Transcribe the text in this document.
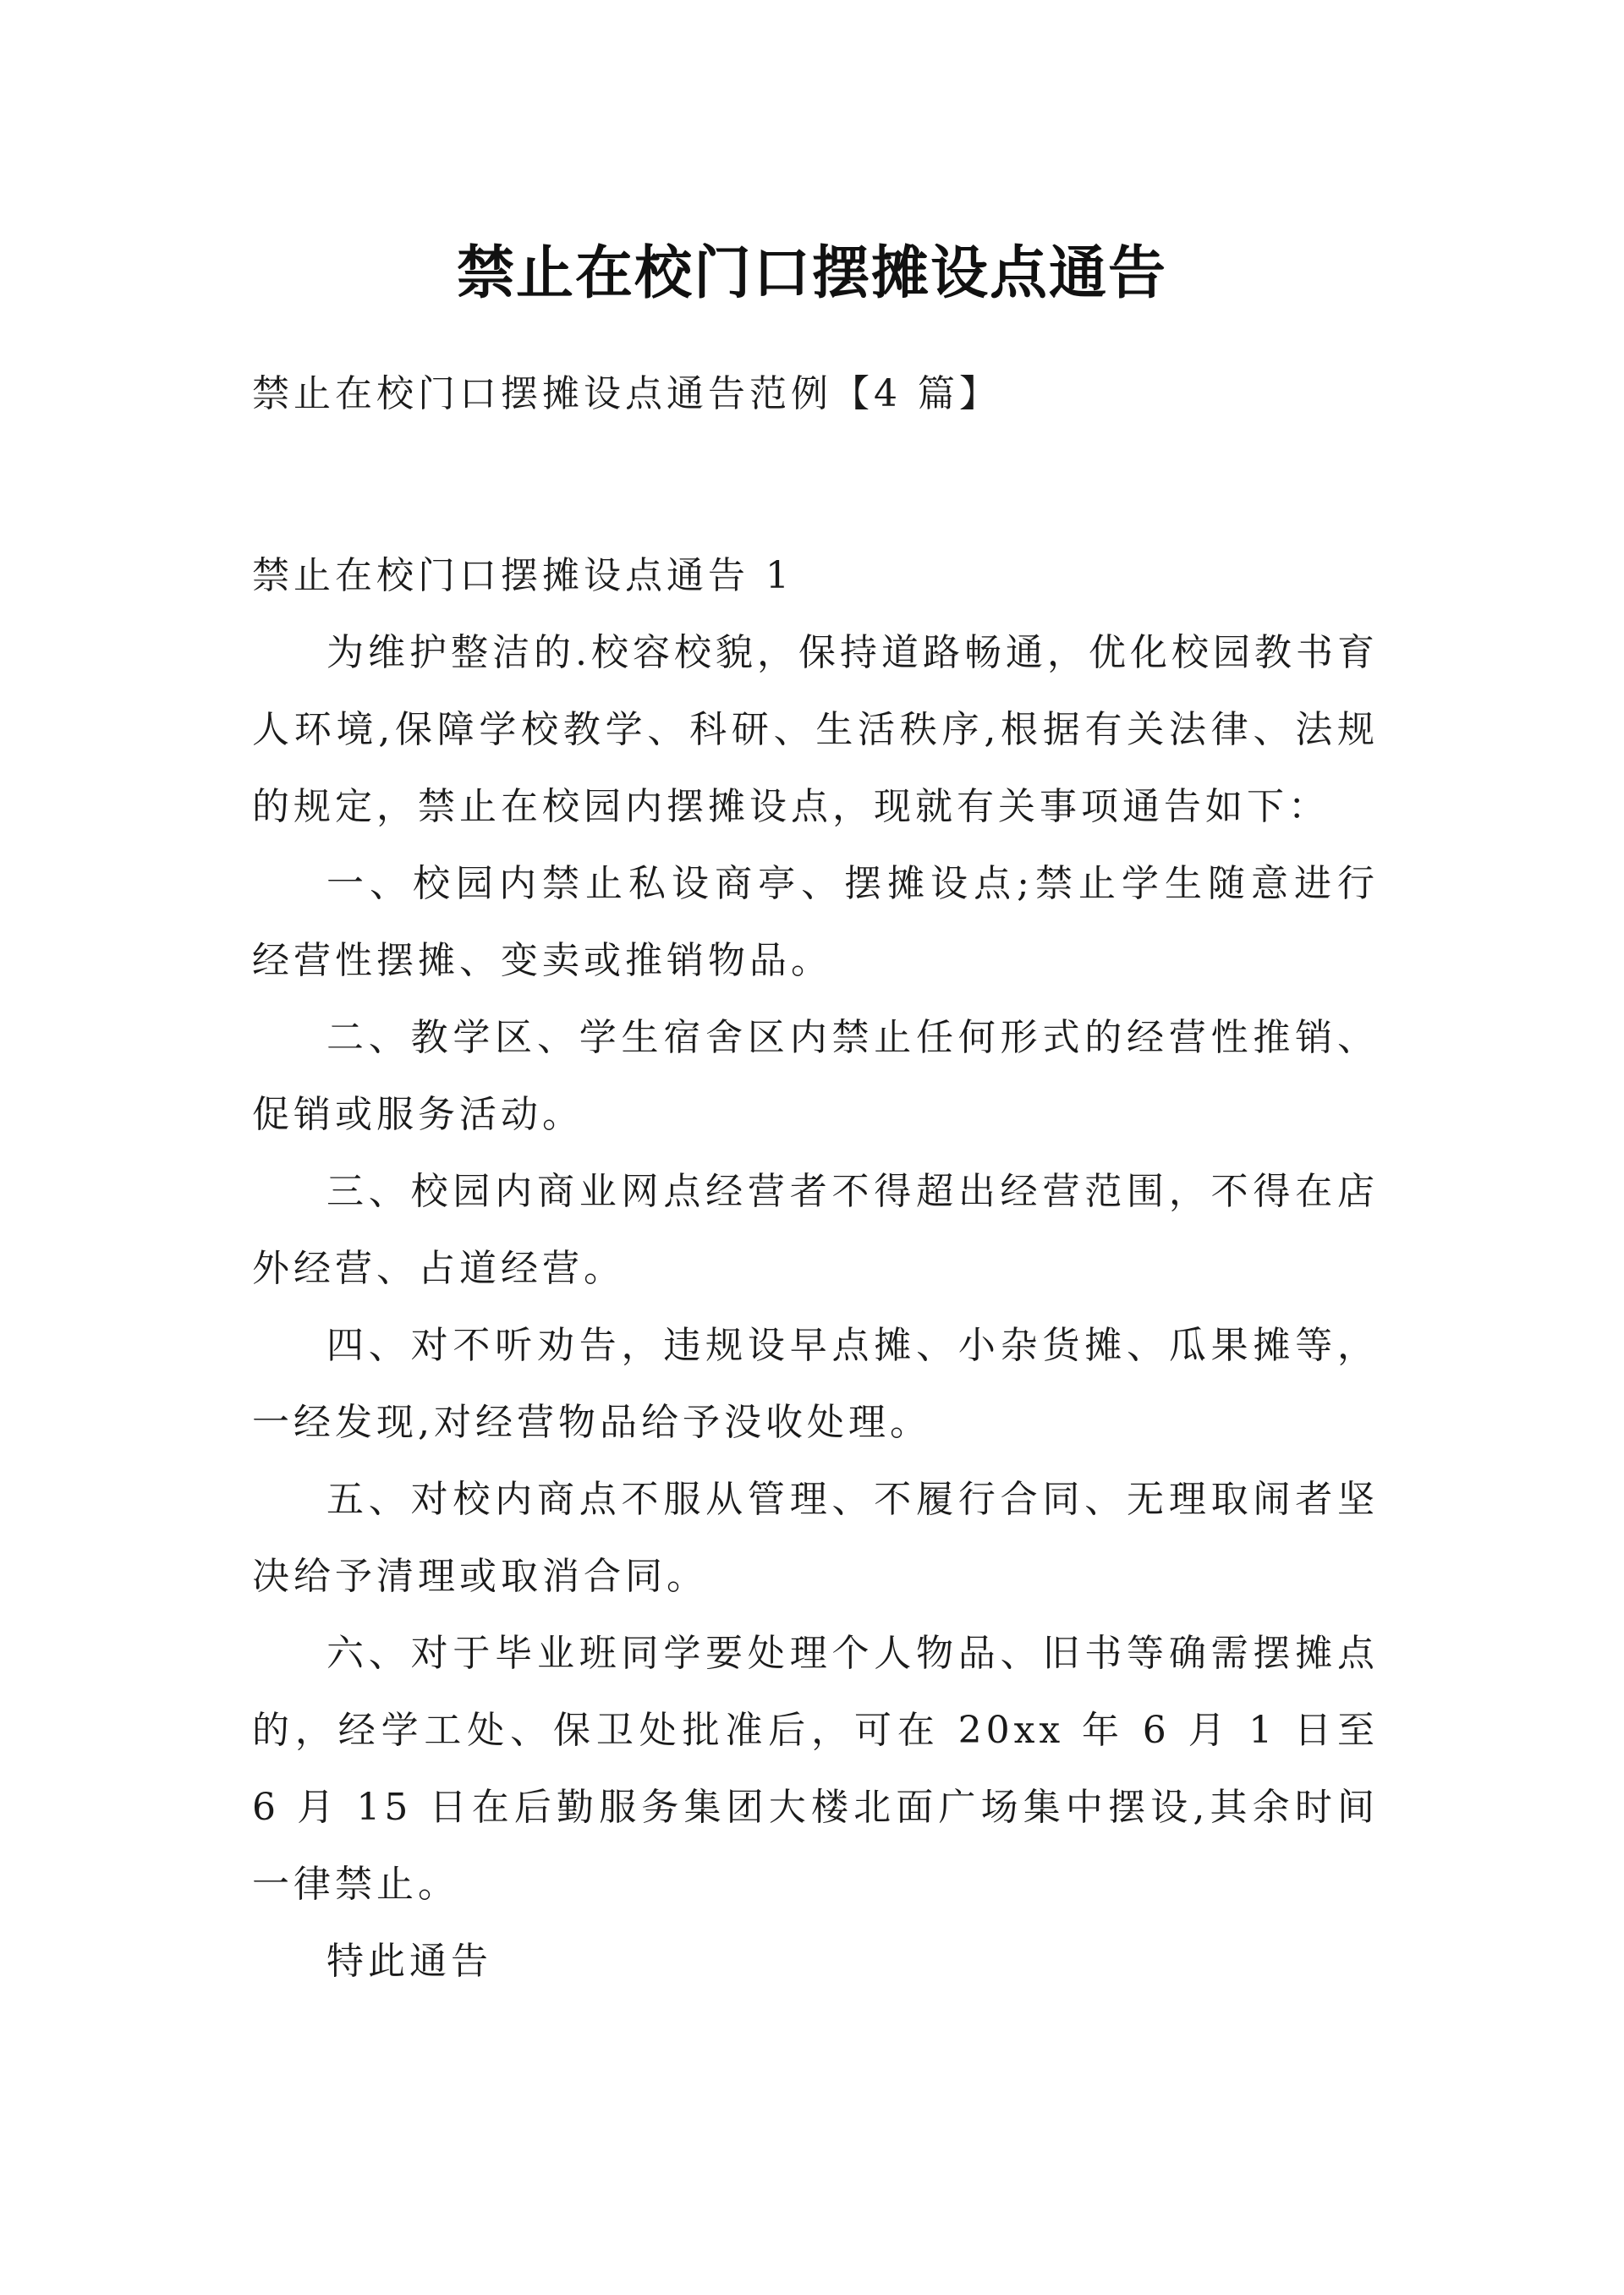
禁止在校门口摆摊设点通告

禁止在校门口摆摊设点通告范例【4 篇】

禁止在校门口摆摊设点通告 1

为维护整洁的.校容校貌，保持道路畅通，优化校园教书育人环境,保障学校教学、科研、生活秩序,根据有关法律、法规的规定，禁止在校园内摆摊设点，现就有关事项通告如下：

一、校园内禁止私设商亭、摆摊设点;禁止学生随意进行经营性摆摊、变卖或推销物品。

二、教学区、学生宿舍区内禁止任何形式的经营性推销、促销或服务活动。

三、校园内商业网点经营者不得超出经营范围，不得在店外经营、占道经营。

四、对不听劝告，违规设早点摊、小杂货摊、瓜果摊等，一经发现,对经营物品给予没收处理。

五、对校内商点不服从管理、不履行合同、无理取闹者坚决给予清理或取消合同。

六、对于毕业班同学要处理个人物品、旧书等确需摆摊点的，经学工处、保卫处批准后，可在 20xx 年 6 月 1 日至 6 月 15 日在后勤服务集团大楼北面广场集中摆设,其余时间一律禁止。

特此通告
